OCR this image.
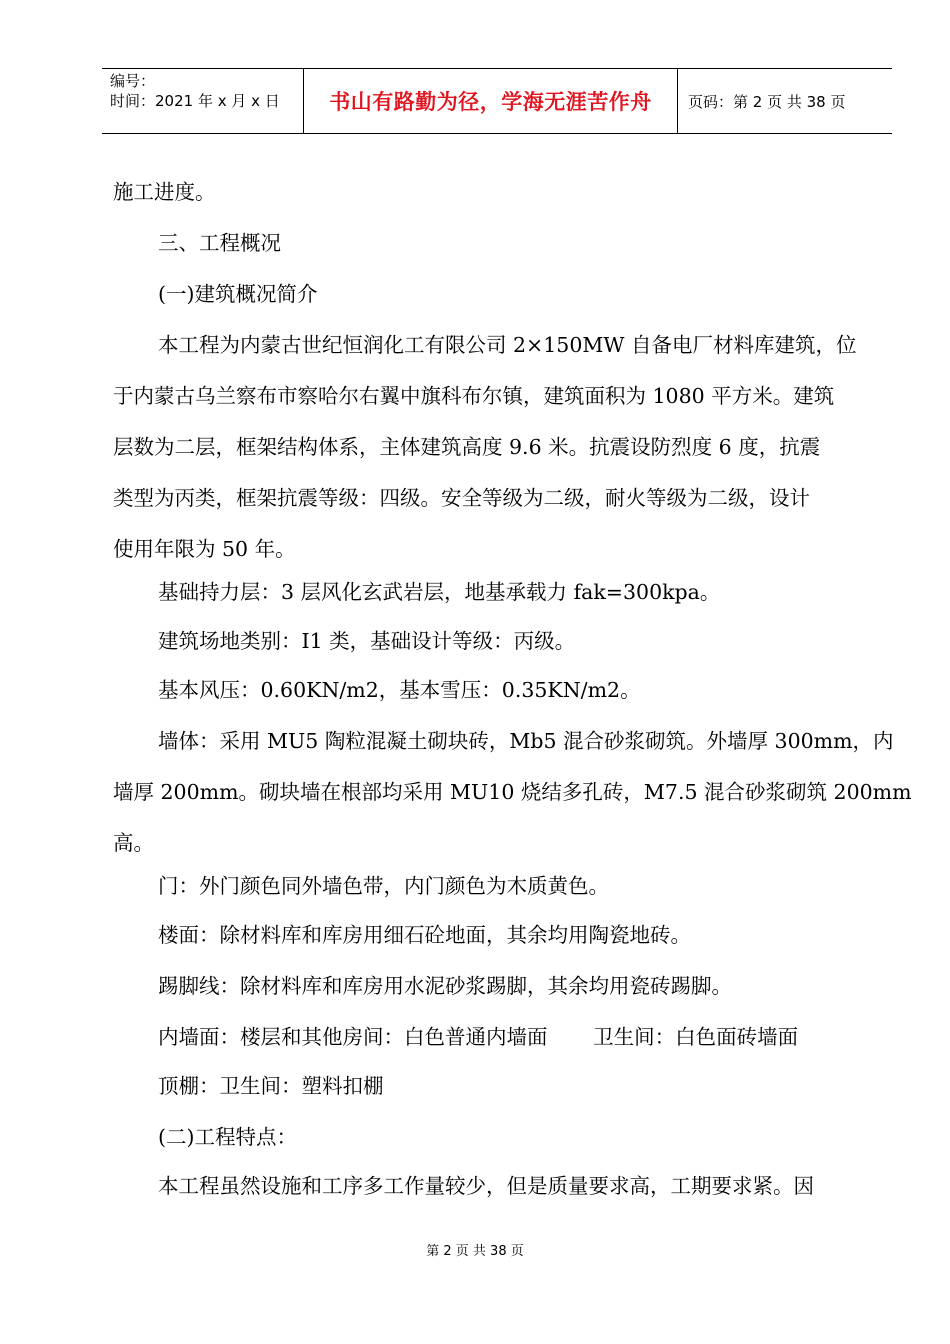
编号：
时间：2021 年 x 月 x 日	书山有路勤为径，学海无涯苦作舟	页码：第 2 页 共 38 页

施工进度。

三、工程概况

(一)建筑概况简介

本工程为内蒙古世纪恒润化工有限公司 2×150MW 自备电厂材料库建筑，位

于内蒙古乌兰察布市察哈尔右翼中旗科布尔镇，建筑面积为 1080 平方米。建筑

层数为二层，框架结构体系，主体建筑高度 9.6 米。抗震设防烈度 6 度，抗震

类型为丙类，框架抗震等级：四级。安全等级为二级，耐火等级为二级，设计

使用年限为 50 年。

基础持力层：3 层风化玄武岩层，地基承载力 fak=300kpa。

建筑场地类别：I1 类，基础设计等级：丙级。

基本风压：0.60KN/m2，基本雪压：0.35KN/m2。

墙体：采用 MU5 陶粒混凝土砌块砖，Mb5 混合砂浆砌筑。外墙厚 300mm，内

墙厚 200mm。砌块墙在根部均采用 MU10 烧结多孔砖，M7.5 混合砂浆砌筑 200mm

高。

门：外门颜色同外墙色带，内门颜色为木质黄色。

楼面：除材料库和库房用细石砼地面，其余均用陶瓷地砖。

踢脚线：除材料库和库房用水泥砂浆踢脚，其余均用瓷砖踢脚。

内墙面：楼层和其他房间：白色普通内墙面       卫生间：白色面砖墙面

顶棚：卫生间：塑料扣棚

(二)工程特点：

本工程虽然设施和工序多工作量较少，但是质量要求高，工期要求紧。因

第 2 页 共 38 页
